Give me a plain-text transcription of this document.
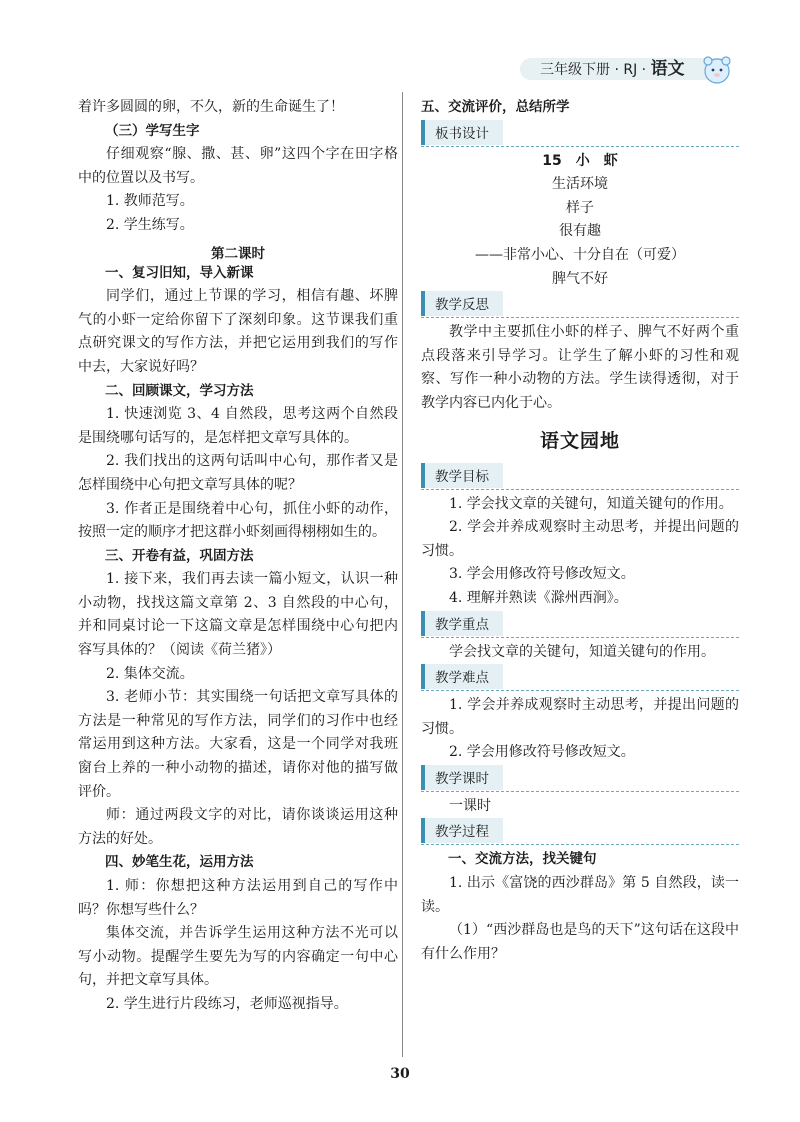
三年级下册 · RJ · 语文

着许多圆圆的卵，不久，新的生命诞生了！

（三）学写生字

仔细观察“腺、撒、甚、卵”这四个字在田字格中的位置以及书写。

1. 教师范写。

2. 学生练写。

第二课时

一、复习旧知，导入新课

同学们，通过上节课的学习，相信有趣、坏脾气的小虾一定给你留下了深刻印象。这节课我们重点研究课文的写作方法，并把它运用到我们的写作中去，大家说好吗？

二、回顾课文，学习方法

1. 快速浏览 3、4 自然段，思考这两个自然段是围绕哪句话写的，是怎样把文章写具体的。

2. 我们找出的这两句话叫中心句，那作者又是怎样围绕中心句把文章写具体的呢？

3. 作者正是围绕着中心句，抓住小虾的动作，按照一定的顺序才把这群小虾刻画得栩栩如生的。

三、开卷有益，巩固方法

1. 接下来，我们再去读一篇小短文，认识一种小动物，找找这篇文章第 2、3 自然段的中心句，并和同桌讨论一下这篇文章是怎样围绕中心句把内容写具体的？（阅读《荷兰猪》）

2. 集体交流。

3. 老师小节：其实围绕一句话把文章写具体的方法是一种常见的写作方法，同学们的习作中也经常运用到这种方法。大家看，这是一个同学对我班窗台上养的一种小动物的描述，请你对他的描写做评价。

师：通过两段文字的对比，请你谈谈运用这种方法的好处。

四、妙笔生花，运用方法

1. 师：你想把这种方法运用到自己的写作中吗？你想写些什么？

集体交流，并告诉学生运用这种方法不光可以写小动物。提醒学生要先为写的内容确定一句中心句，并把文章写具体。

2. 学生进行片段练习，老师巡视指导。

五、交流评价，总结所学

板书设计

15　小　虾

生活环境

样子

很有趣

——非常小心、十分自在（可爱）

脾气不好

教学反思

教学中主要抓住小虾的样子、脾气不好两个重点段落来引导学习。让学生了解小虾的习性和观察、写作一种小动物的方法。学生读得透彻，对于教学内容已内化于心。

语文园地
教学目标

1. 学会找文章的关键句，知道关键句的作用。

2. 学会并养成观察时主动思考，并提出问题的习惯。

3. 学会用修改符号修改短文。

4. 理解并熟读《滁州西涧》。

教学重点

学会找文章的关键句，知道关键句的作用。

教学难点

1. 学会并养成观察时主动思考，并提出问题的习惯。

2. 学会用修改符号修改短文。

教学课时

一课时

教学过程

一、交流方法，找关键句

1. 出示《富饶的西沙群岛》第 5 自然段，读一读。

（1）“西沙群岛也是鸟的天下”这句话在这段中有什么作用？

30
